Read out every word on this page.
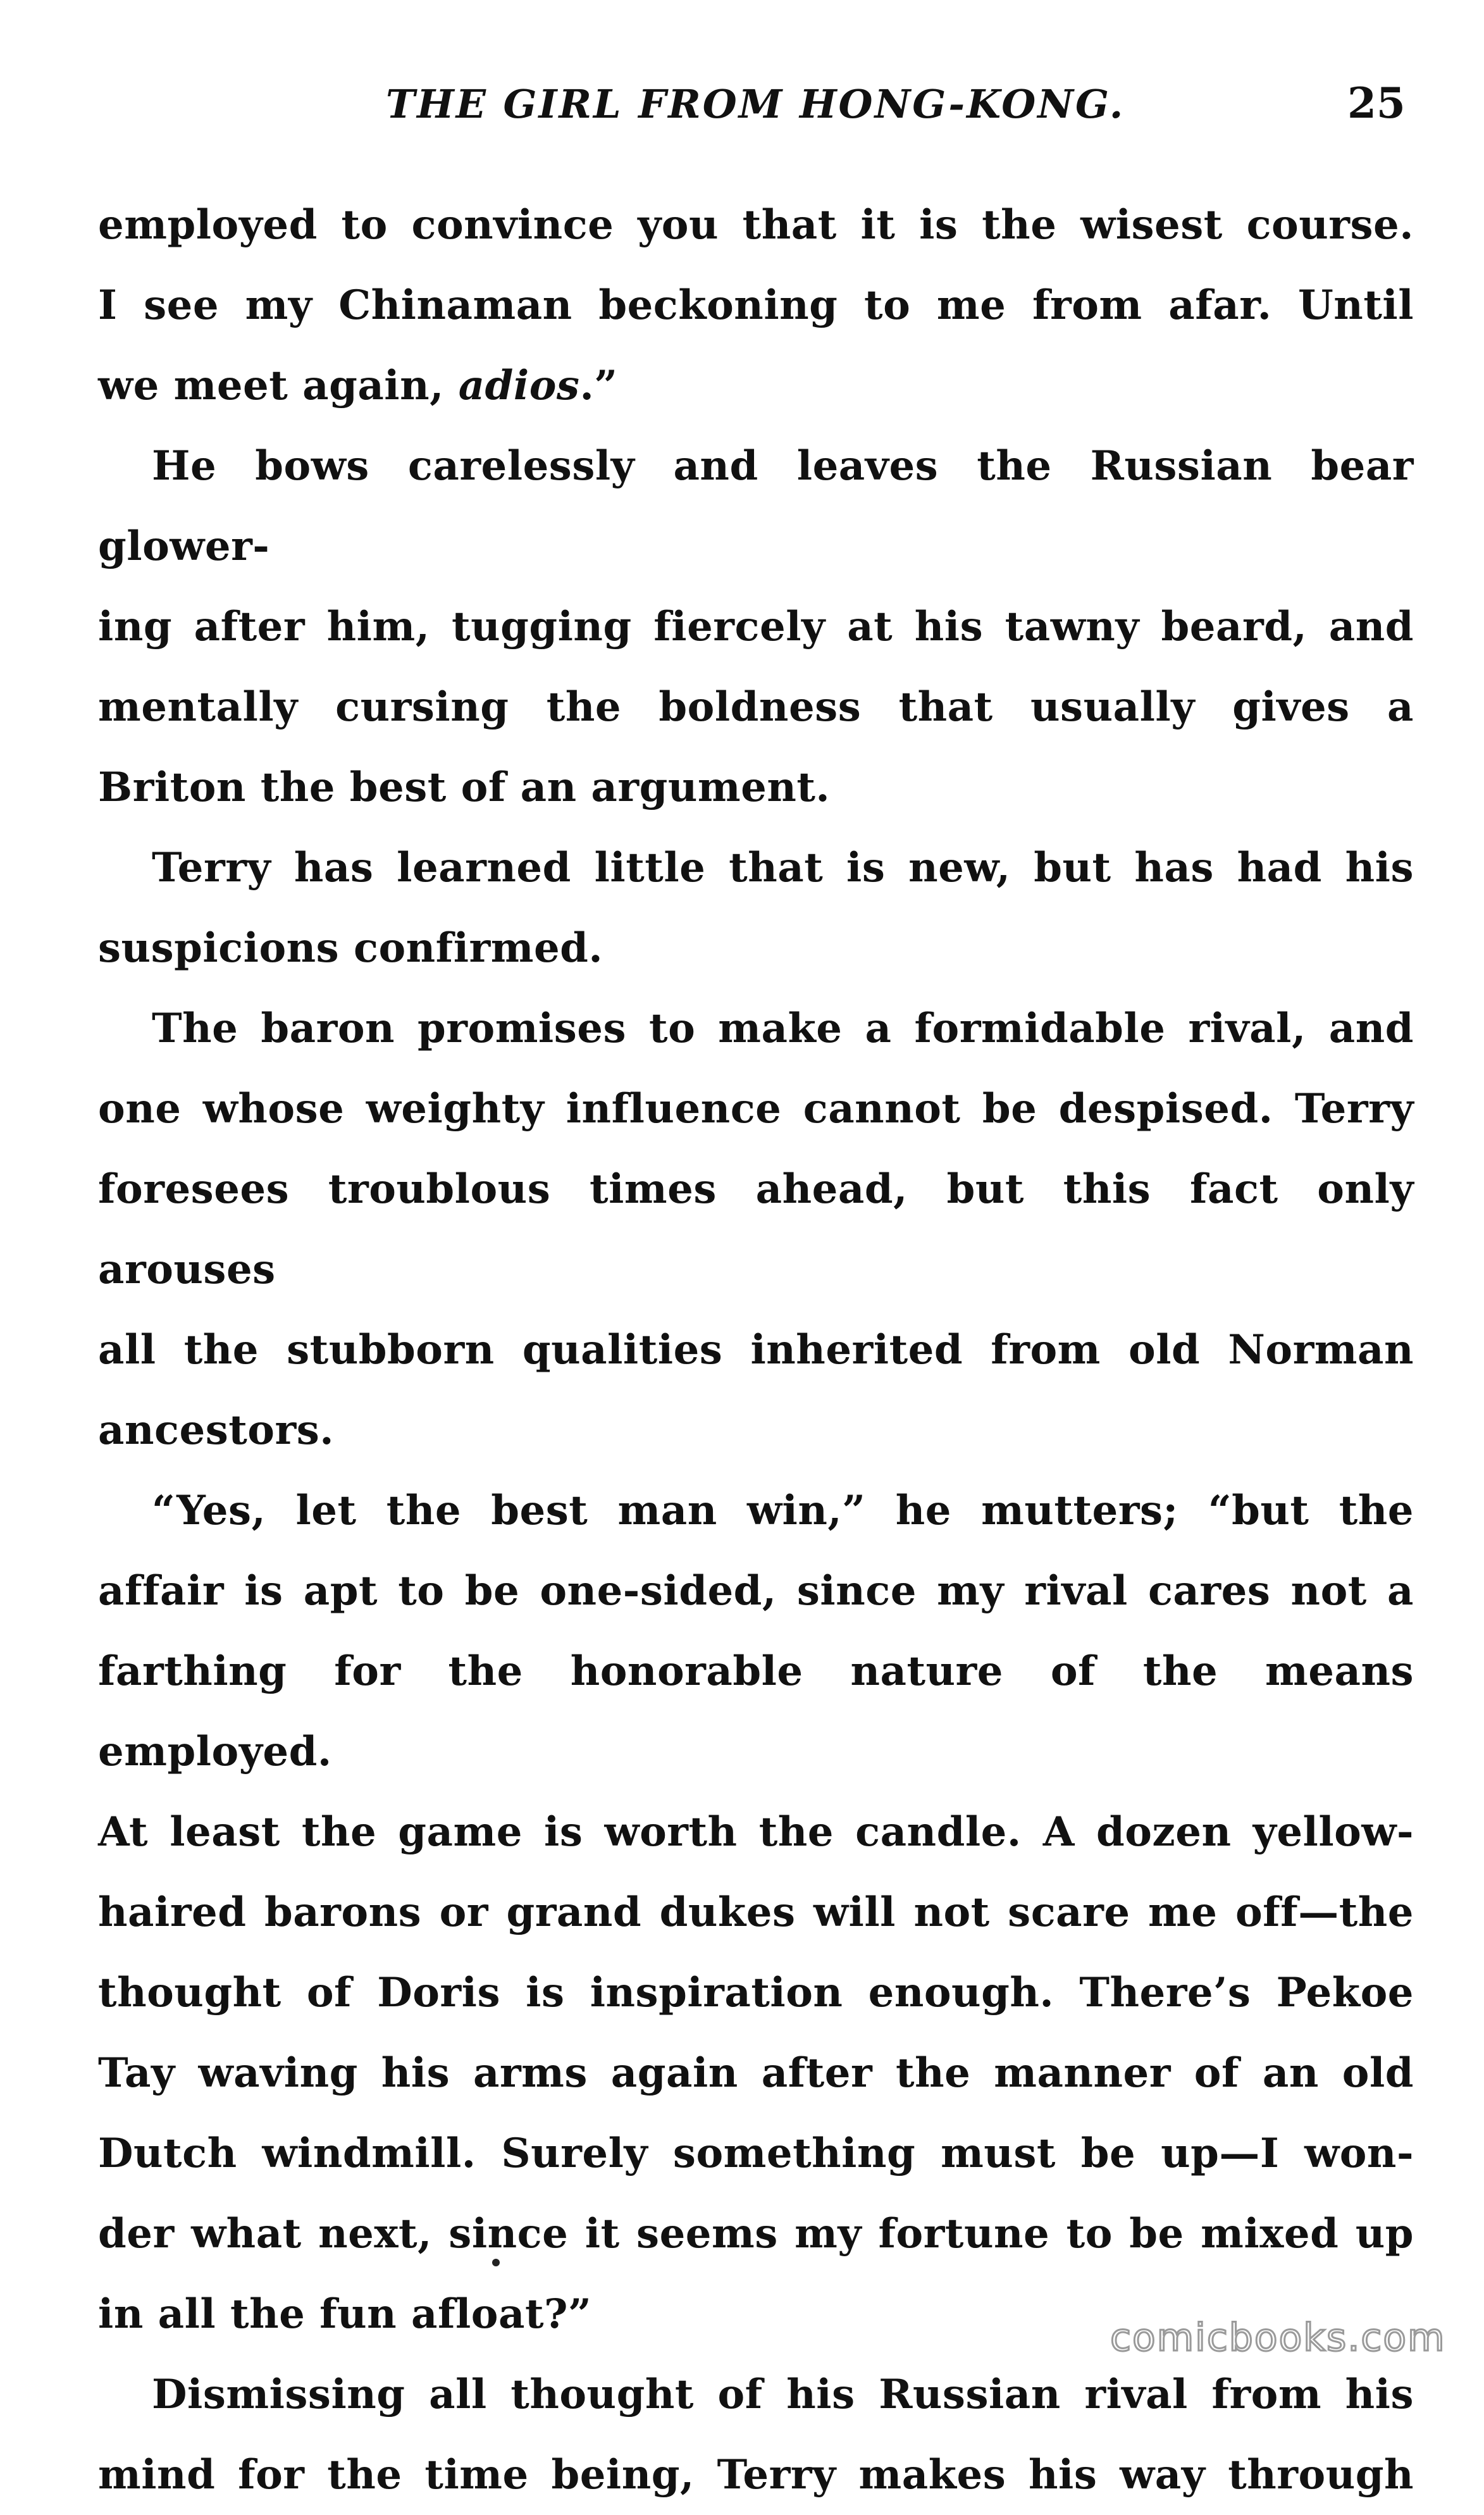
THE GIRL FROM HONG-KONG.	25

employed to convince you that it is the wisest course.

I see my Chinaman beckoning to me from afar. Until

we meet again, adios.”

He bows carelessly and leaves the Russian bear glower-

ing after him, tugging fiercely at his tawny beard, and

mentally cursing the boldness that usually gives a

Briton the best of an argument.

Terry has learned little that is new, but has had his

suspicions confirmed.

The baron promises to make a formidable rival, and

one whose weighty influence cannot be despised. Terry

foresees troublous times ahead, but this fact only arouses

all the stubborn qualities inherited from old Norman

ancestors.

“Yes, let the best man win,” he mutters; “but the

affair is apt to be one-sided, since my rival cares not a

farthing for the honorable nature of the means employed.

At least the game is worth the candle. A dozen yellow-

haired barons or grand dukes will not scare me off—the

thought of Doris is inspiration enough. There’s Pekoe

Tay waving his arms again after the manner of an old

Dutch windmill. Surely something must be up—I won-

der what next, since it seems my fortune to be mixed up

in all the fun afloat?”

Dismissing all thought of his Russian rival from his

mind for the time being, Terry makes his way through

comicbooks.com
